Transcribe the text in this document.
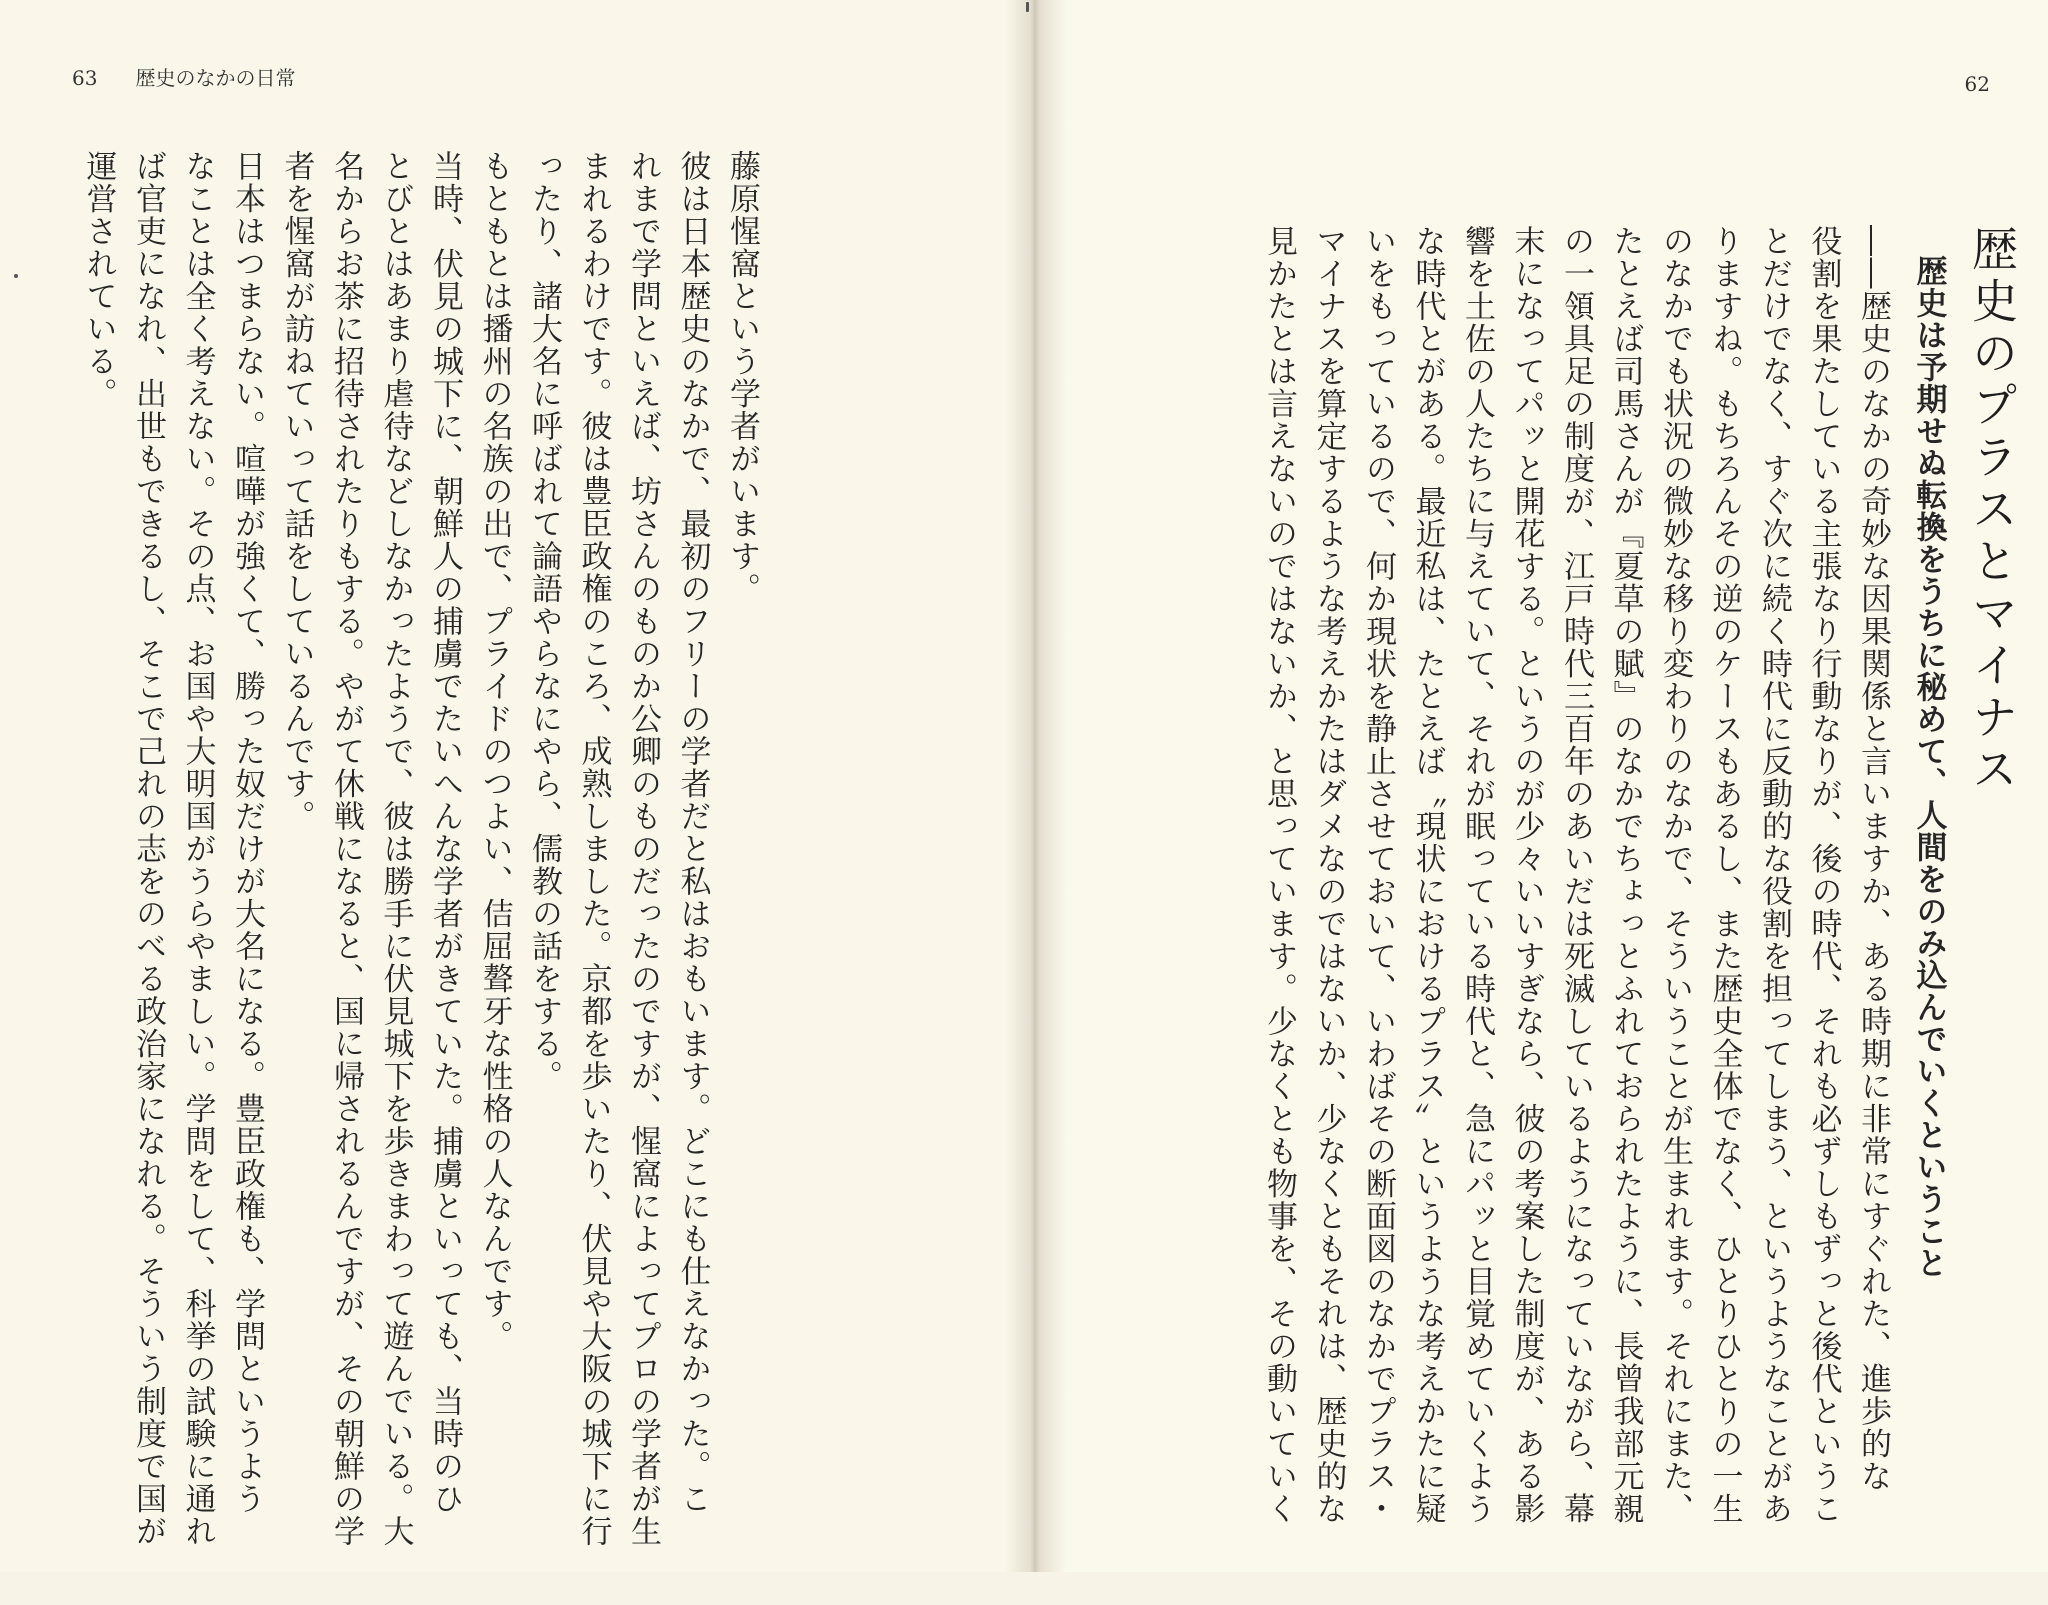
63 歴史のなかの日常
藤原惺窩という学者がいます。
彼は日本歴史のなかで、最初のフリーの学者だと私はおもいます。どこにも仕えなかった。こ
れまで学問といえば、坊さんのものか公卿のものだったのですが、惺窩によってプロの学者が生
まれるわけです。彼は豊臣政権のころ、成熟しました。京都を歩いたり、伏見や大阪の城下に行
ったり、諸大名に呼ばれて論語やらなにやら、儒教の話をする。
もともとは播州の名族の出で、プライドのつよい、佶屈聱牙な性格の人なんです。
当時、伏見の城下に、朝鮮人の捕虜でたいへんな学者がきていた。捕虜といっても、当時のひ
とびとはあまり虐待などしなかったようで、彼は勝手に伏見城下を歩きまわって遊んでいる。大
名からお茶に招待されたりもする。やがて休戦になると、国に帰されるんですが、その朝鮮の学
者を惺窩が訪ねていって話をしているんです。
日本はつまらない。喧嘩が強くて、勝った奴だけが大名になる。豊臣政権も、学問というよう
なことは全く考えない。その点、お国や大明国がうらやましい。学問をして、科挙の試験に通れ
ば官吏になれ、出世もできるし、そこで己れの志をのべる政治家になれる。そういう制度で国が
運営されている。
62
歴史のプラスとマイナス
歴史は予期せぬ転換をうちに秘めて、人間をのみ込んでいくということ
――歴史のなかの奇妙な因果関係と言いますか、ある時期に非常にすぐれた、進歩的な
役割を果たしている主張なり行動なりが、後の時代、それも必ずしもずっと後代というこ
とだけでなく、すぐ次に続く時代に反動的な役割を担ってしまう、というようなことがあ
りますね。もちろんその逆のケースもあるし、また歴史全体でなく、ひとりひとりの一生
のなかでも状況の微妙な移り変わりのなかで、そういうことが生まれます。それにまた、
たとえば司馬さんが『夏草の賦』のなかでちょっとふれておられたように、長曾我部元親
の一領具足の制度が、江戸時代三百年のあいだは死滅しているようになっていながら、幕
末になってパッと開花する。というのが少々いいすぎなら、彼の考案した制度が、ある影
響を土佐の人たちに与えていて、それが眠っている時代と、急にパッと目覚めていくよう
な時代とがある。最近私は、たとえば〝現状におけるプラス〟というような考えかたに疑
いをもっているので、何か現状を静止させておいて、いわばその断面図のなかでプラス・
マイナスを算定するような考えかたはダメなのではないか、少なくともそれは、歴史的な
見かたとは言えないのではないか、と思っています。少なくとも物事を、その動いていく
